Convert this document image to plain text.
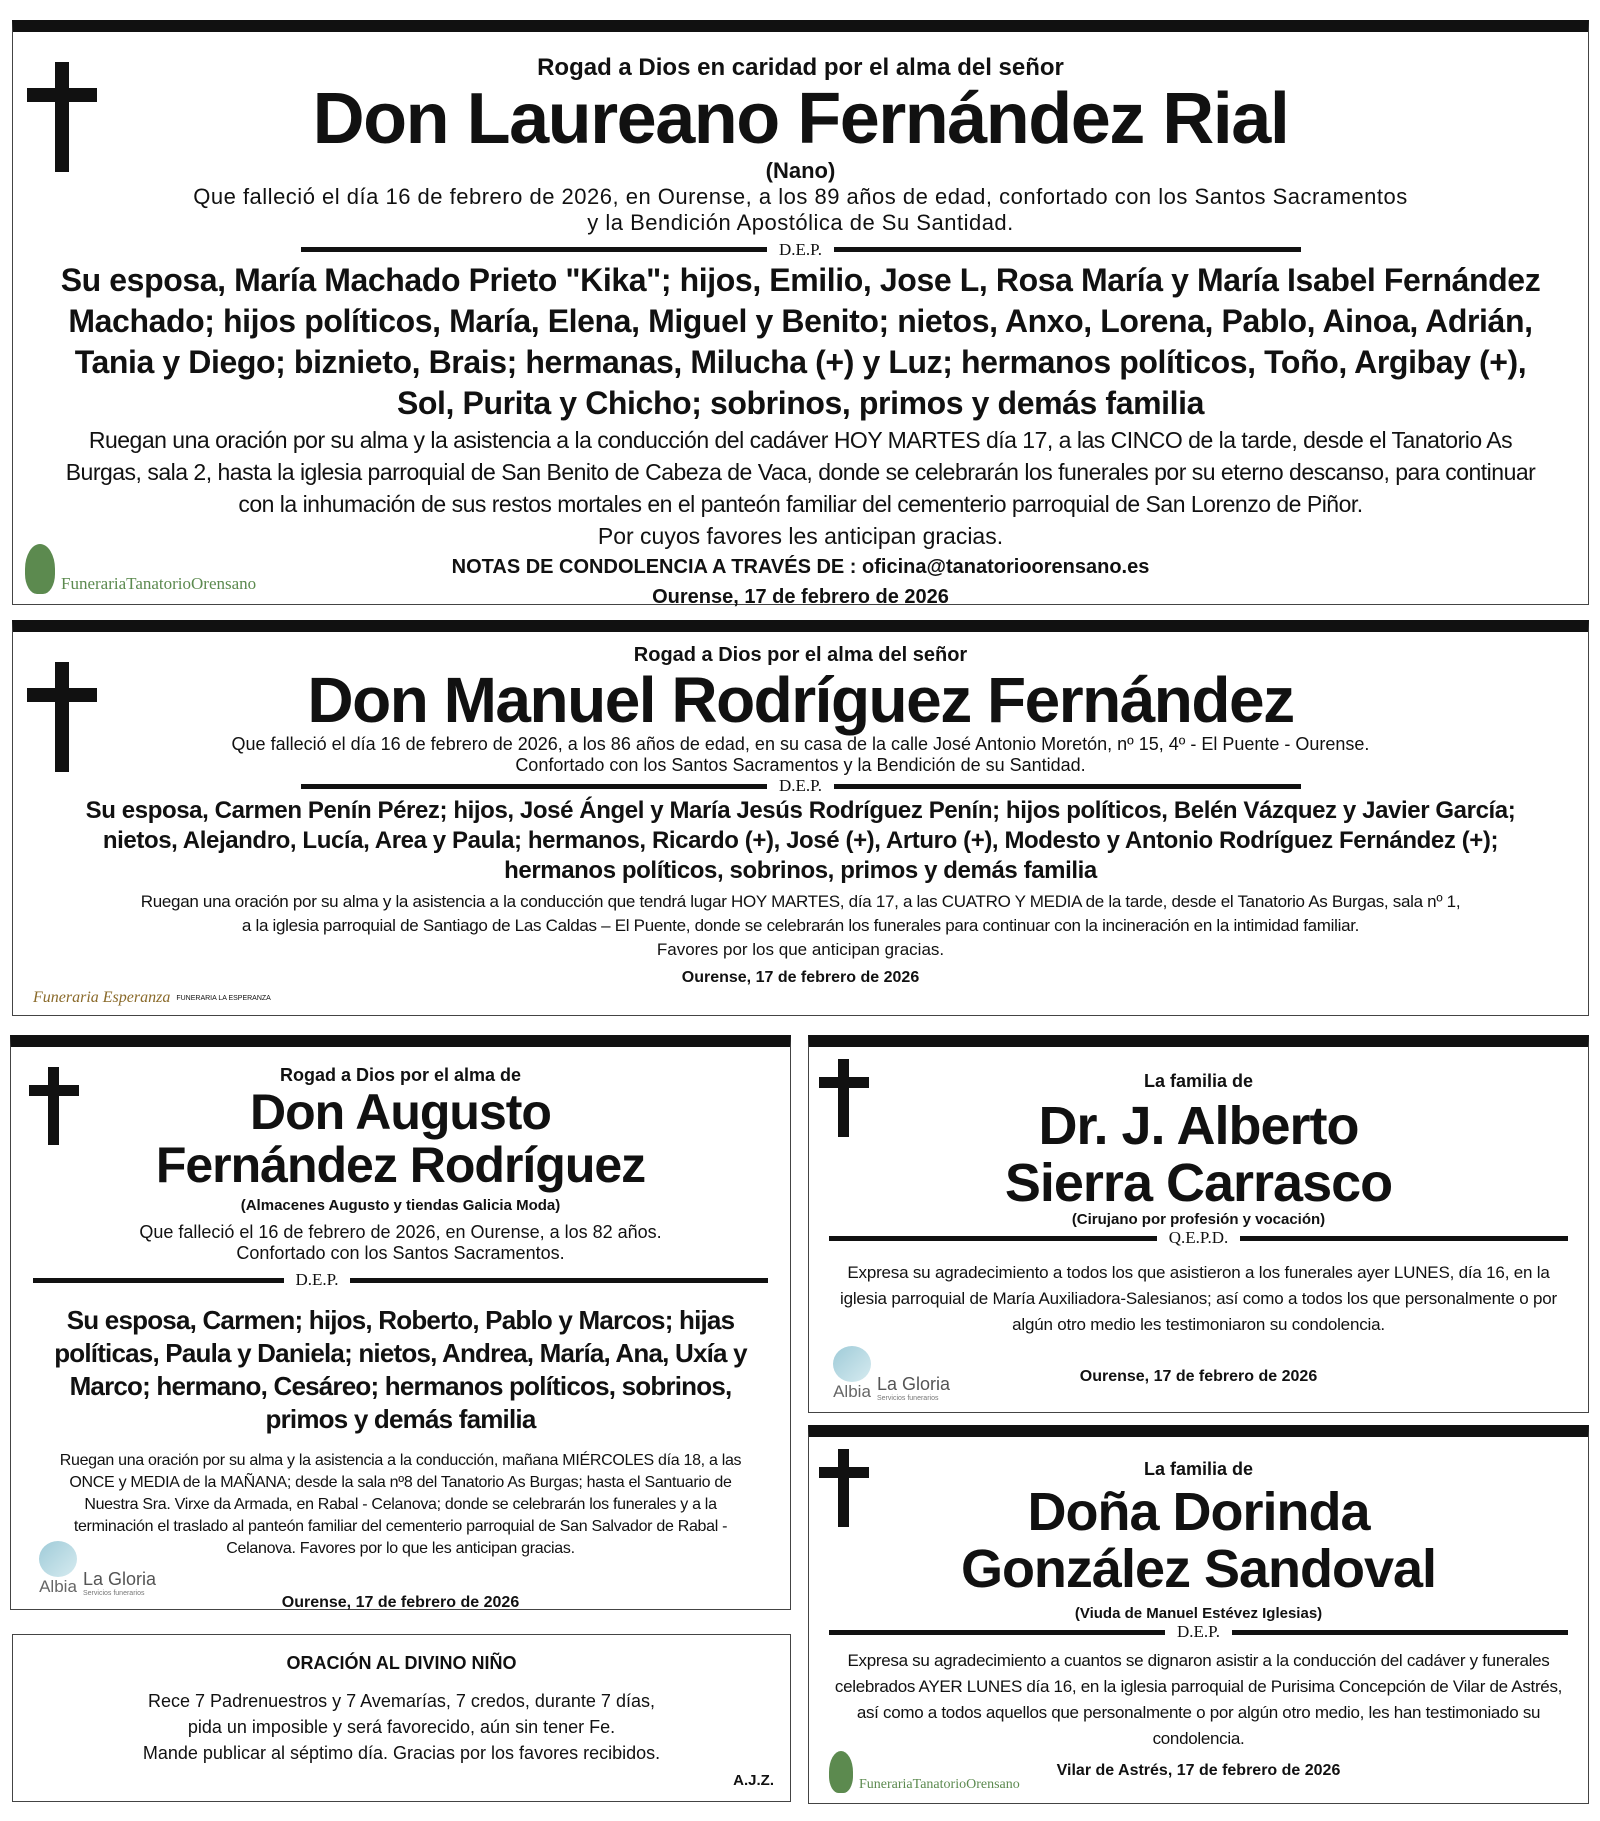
Rogad a Dios en caridad por el alma del señor
Don Laureano Fernández Rial
(Nano)
Que falleció el día 16 de febrero de 2026, en Ourense, a los 89 años de edad, confortado con los Santos Sacramentos
y la Bendición Apostólica de Su Santidad.
D.E.P.
Su esposa, María Machado Prieto "Kika"; hijos, Emilio, Jose L, Rosa María y María Isabel Fernández Machado; hijos políticos, María, Elena, Miguel y Benito; nietos, Anxo, Lorena, Pablo, Ainoa, Adrián, Tania y Diego; biznieto, Brais; hermanas, Milucha (+) y Luz; hermanos políticos, Toño, Argibay (+), Sol, Purita y Chicho; sobrinos, primos y demás familia
Ruegan una oración por su alma y la asistencia a la conducción del cadáver HOY MARTES día 17, a las CINCO de la tarde, desde el Tanatorio As Burgas, sala 2, hasta la iglesia parroquial de San Benito de Cabeza de Vaca, donde se celebrarán los funerales por su eterno descanso, para continuar con la inhumación de sus restos mortales en el panteón familiar del cementerio parroquial de San Lorenzo de Piñor.
Por cuyos favores les anticipan gracias.
NOTAS DE CONDOLENCIA A TRAVÉS DE : oficina@tanatorioorensano.es
Ourense, 17 de febrero de 2026
FunerariaTanatorioOrensano
Rogad a Dios por el alma del señor
Don Manuel Rodríguez Fernández
Que falleció el día 16 de febrero de 2026, a los 86 años de edad, en su casa de la calle José Antonio Moretón, nº 15, 4º - El Puente - Ourense.
Confortado con los Santos Sacramentos y la Bendición de su Santidad.
D.E.P.
Su esposa, Carmen Penín Pérez; hijos, José Ángel y María Jesús Rodríguez Penín; hijos políticos, Belén Vázquez y Javier García; nietos, Alejandro, Lucía, Area y Paula; hermanos, Ricardo (+), José (+), Arturo (+), Modesto y Antonio Rodríguez Fernández (+); hermanos políticos, sobrinos, primos y demás familia
Ruegan una oración por su alma y la asistencia a la conducción que tendrá lugar HOY MARTES, día 17, a las CUATRO Y MEDIA de la tarde, desde el Tanatorio As Burgas, sala nº 1,
a la iglesia parroquial de Santiago de Las Caldas – El Puente, donde se celebrarán los funerales para continuar con la incineración en la intimidad familiar.
Favores por los que anticipan gracias.
Ourense, 17 de febrero de 2026
Funeraria Esperanza FUNERARIA LA ESPERANZA
Rogad a Dios por el alma de
Don Augusto
Fernández Rodríguez
(Almacenes Augusto y tiendas Galicia Moda)
Que falleció el 16 de febrero de 2026, en Ourense, a los 82 años.
Confortado con los Santos Sacramentos.
D.E.P.
Su esposa, Carmen; hijos, Roberto, Pablo y Marcos; hijas políticas, Paula y Daniela; nietos, Andrea, María, Ana, Uxía y Marco; hermano, Cesáreo; hermanos políticos, sobrinos, primos y demás familia
Ruegan una oración por su alma y la asistencia a la conducción, mañana MIÉRCOLES día 18, a las ONCE y MEDIA de la MAÑANA; desde la sala nº8 del Tanatorio As Burgas; hasta el Santuario de Nuestra Sra. Virxe da Armada, en Rabal - Celanova; donde se celebrarán los funerales y a la terminación el traslado al panteón familiar del cementerio parroquial de San Salvador de Rabal - Celanova. Favores por lo que les anticipan gracias.
Ourense, 17 de febrero de 2026
Albia La Gloria
Servicios funerarios
ORACIÓN AL DIVINO NIÑO
Rece 7 Padrenuestros y 7 Avemarías, 7 credos, durante 7 días,
pida un imposible y será favorecido, aún sin tener Fe.
Mande publicar al séptimo día. Gracias por los favores recibidos.
A.J.Z.
La familia de
Dr. J. Alberto
Sierra Carrasco
(Cirujano por profesión y vocación)
Q.E.P.D.
Expresa su agradecimiento a todos los que asistieron a los funerales ayer LUNES, día 16, en la iglesia parroquial de María Auxiliadora-Salesianos; así como a todos los que personalmente o por algún otro medio les testimoniaron su condolencia.
Ourense, 17 de febrero de 2026
Albia La Gloria
Servicios funerarios
La familia de
Doña Dorinda
González Sandoval
(Viuda de Manuel Estévez Iglesias)
D.E.P.
Expresa su agradecimiento a cuantos se dignaron asistir a la conducción del cadáver y funerales celebrados AYER LUNES día 16, en la iglesia parroquial de Purisima Concepción de Vilar de Astrés, así como a todos aquellos que personalmente o por algún otro medio, les han testimoniado su condolencia.
Vilar de Astrés, 17 de febrero de 2026
FunerariaTanatorioOrensano
